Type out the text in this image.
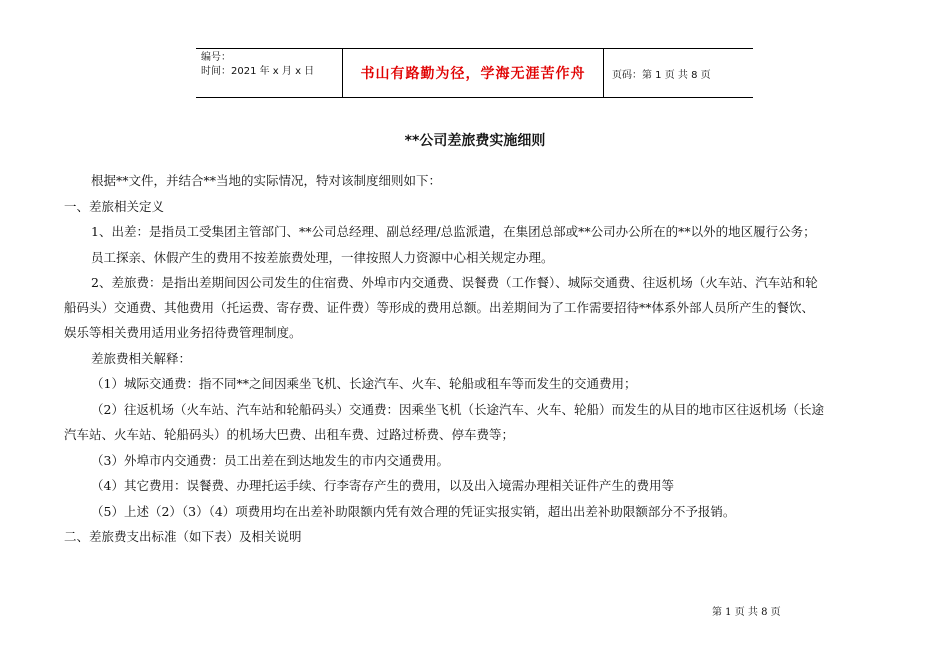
编号：
时间：2021 年 x 月 x 日	书山有路勤为径，学海无涯苦作舟	页码：第 1 页 共 8 页
**公司差旅费实施细则
根据**文件，并结合**当地的实际情况，特对该制度细则如下：
一、差旅相关定义
1、出差：是指员工受集团主管部门、**公司总经理、副总经理/总监派遣，在集团总部或**公司办公所在的**以外的地区履行公务；
员工探亲、休假产生的费用不按差旅费处理，一律按照人力资源中心相关规定办理。
2、差旅费：是指出差期间因公司发生的住宿费、外埠市内交通费、误餐费（工作餐）、城际交通费、往返机场（火车站、汽车站和轮
船码头）交通费、其他费用（托运费、寄存费、证件费）等形成的费用总额。出差期间为了工作需要招待**体系外部人员所产生的餐饮、
娱乐等相关费用适用业务招待费管理制度。
差旅费相关解释：
（1）城际交通费：指不同**之间因乘坐飞机、长途汽车、火车、轮船或租车等而发生的交通费用；
（2）往返机场（火车站、汽车站和轮船码头）交通费：因乘坐飞机（长途汽车、火车、轮船）而发生的从目的地市区往返机场（长途
汽车站、火车站、轮船码头）的机场大巴费、出租车费、过路过桥费、停车费等；
（3）外埠市内交通费：员工出差在到达地发生的市内交通费用。
（4）其它费用：误餐费、办理托运手续、行李寄存产生的费用，以及出入境需办理相关证件产生的费用等
（5）上述（2）（3）（4）项费用均在出差补助限额内凭有效合理的凭证实报实销，超出出差补助限额部分不予报销。
二、差旅费支出标准（如下表）及相关说明
第 1 页 共 8 页
